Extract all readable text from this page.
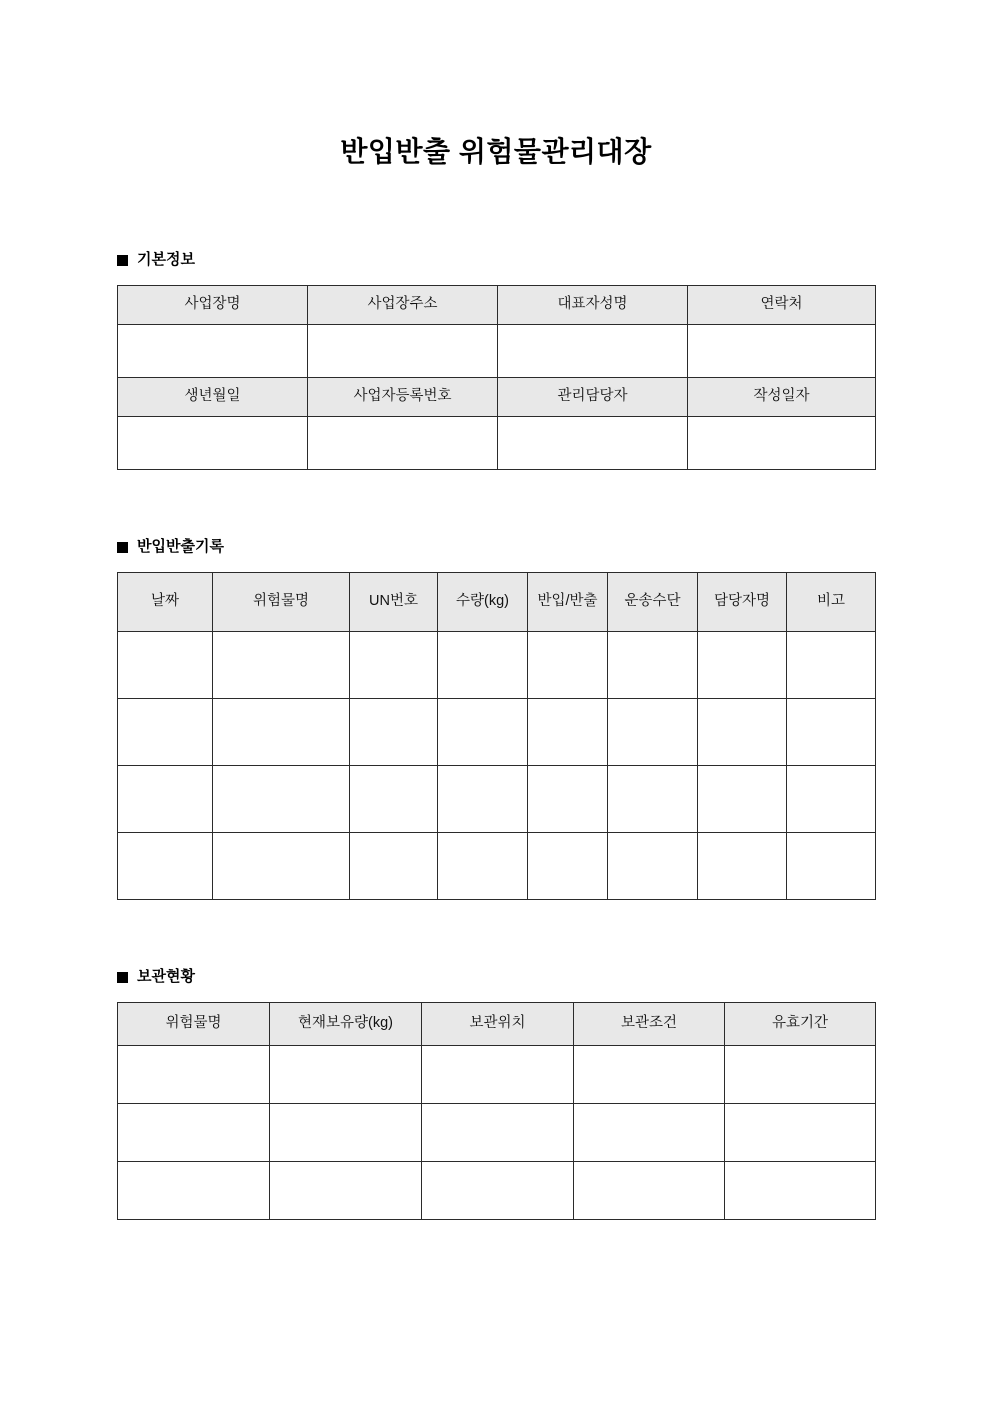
반입반출 위험물관리대장
기본정보
사업장명	사업장주소	대표자성명	연락처

생년월일	사업자등록번호	관리담당자	작성일자

반입반출기록
날짜	위험물명	UN번호	수량(kg)	반입/반출	운송수단	담당자명	비고

보관현황
위험물명	현재보유량(kg)	보관위치	보관조건	유효기간
